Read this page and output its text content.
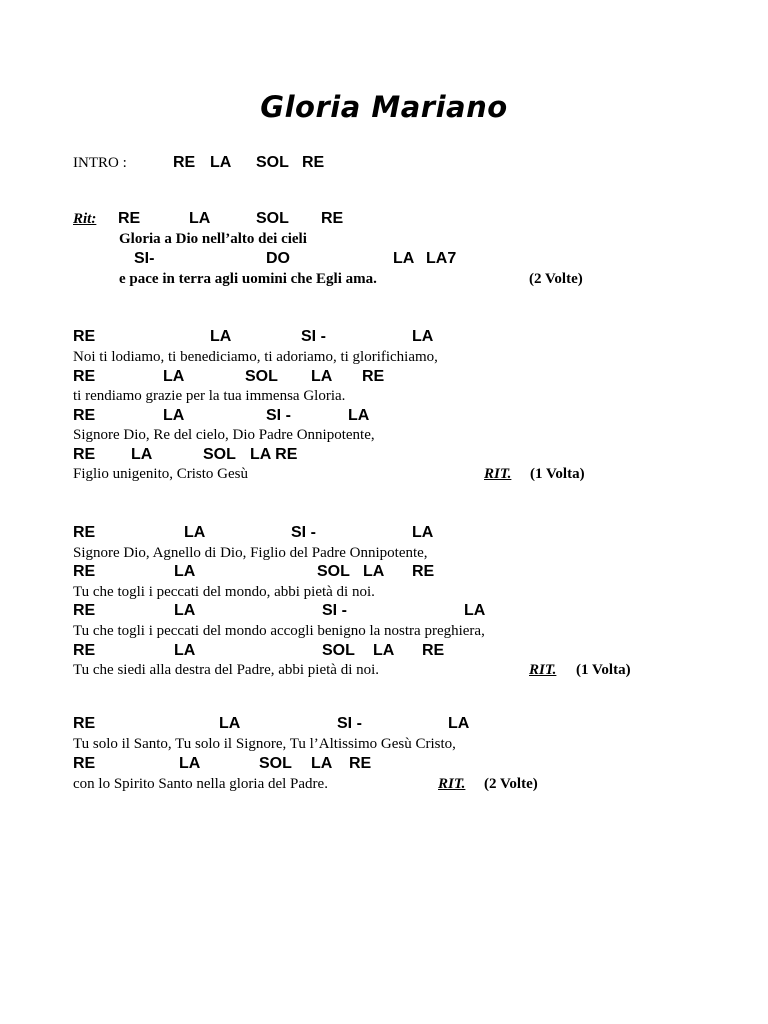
Gloria Mariano
INTRO :	RE LA SOL RE
Rit: RE	LA	SOL RE
Gloria a Dio nell’alto dei cieli
SI-	DO	LA LA7
e pace in terra agli uomini che Egli ama.	(2 Volte)
RE	LA	SI -	LA
Noi ti lodiamo, ti benediciamo, ti adoriamo, ti glorifichiamo,
RE	LA	SOL LA RE
ti rendiamo grazie per la tua immensa Gloria.
RE	LA	SI -	LA
Signore Dio, Re del cielo, Dio Padre Onnipotente,
RE LA	SOL LA RE
Figlio unigenito, Cristo Gesù	RIT. (1 Volta)
RE	LA	SI -	LA
Signore Dio, Agnello di Dio, Figlio del Padre Onnipotente,
RE	LA	SOL LA RE
Tu che togli i peccati del mondo, abbi pietà di noi.
RE	LA	SI -	LA
Tu che togli i peccati del mondo accogli benigno la nostra preghiera,
RE	LA	SOL LA RE
Tu che siedi alla destra del Padre, abbi pietà di noi.	RIT. (1 Volta)
RE	LA	SI -	LA
Tu solo il Santo, Tu solo il Signore, Tu l’Altissimo Gesù Cristo,
RE	LA	SOL LA RE
con lo Spirito Santo nella gloria del Padre.	RIT. (2 Volte)
